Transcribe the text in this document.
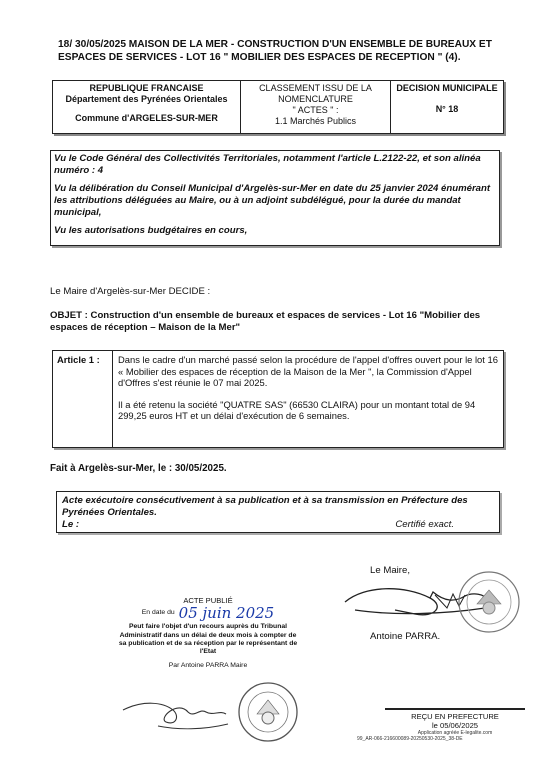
18/ 30/05/2025 MAISON DE LA MER - CONSTRUCTION D'UN ENSEMBLE DE BUREAUX ET ESPACES DE SERVICES - LOT 16 " MOBILIER DES ESPACES DE RECEPTION " (4).
REPUBLIQUE FRANCAISE
Département des Pyrénées Orientales
Commune d'ARGELES-SUR-MER
CLASSEMENT ISSU DE LA NOMENCLATURE
" ACTES " :
1.1 Marchés Publics
DECISION MUNICIPALE
N° 18

Vu le Code Général des Collectivités Territoriales, notamment l'article L.2122-22, et son alinéa numéro : 4

Vu la délibération du Conseil Municipal d'Argelès-sur-Mer en date du 25 janvier 2024 énumérant les attributions déléguées au Maire, ou à un adjoint subdélégué, pour la durée du mandat municipal,

Vu les autorisations budgétaires en cours,

Le Maire d'Argelès-sur-Mer DECIDE :
OBJET : Construction d'un ensemble de bureaux et espaces de services - Lot 16 "Mobilier des espaces de réception – Maison de la Mer"
Article 1 :	Dans le cadre d'un marché passé selon la procédure de l'appel d'offres ouvert pour le lot 16 « Mobilier des espaces de réception de la Maison de la Mer ", la Commission d'Appel d'Offres s'est réunie le 07 mai 2025.

Il a été retenu la société "QUATRE SAS" (66530 CLAIRA) pour un montant total de 94 299,25 euros HT et un délai d'exécution de 6 semaines.

Fait à Argelès-sur-Mer, le : 30/05/2025.
Acte exécutoire consécutivement à sa publication et à sa transmission en Préfecture des Pyrénées Orientales.
Le :	Certifié exact.
Le Maire,
Antoine PARRA.
ACTE PUBLIÉ
En date du 05 juin 2025
Peut faire l'objet d'un recours auprès du Tribunal Administratif dans un délai de deux mois à compter de sa publication et de sa réception par le représentant de l'Etat
Par Antoine PARRA Maire
REÇU EN PREFECTURE
le 05/06/2025
Application agréée E-legalite.com
99_AR-066-216600089-20250530-2025_38-DE
